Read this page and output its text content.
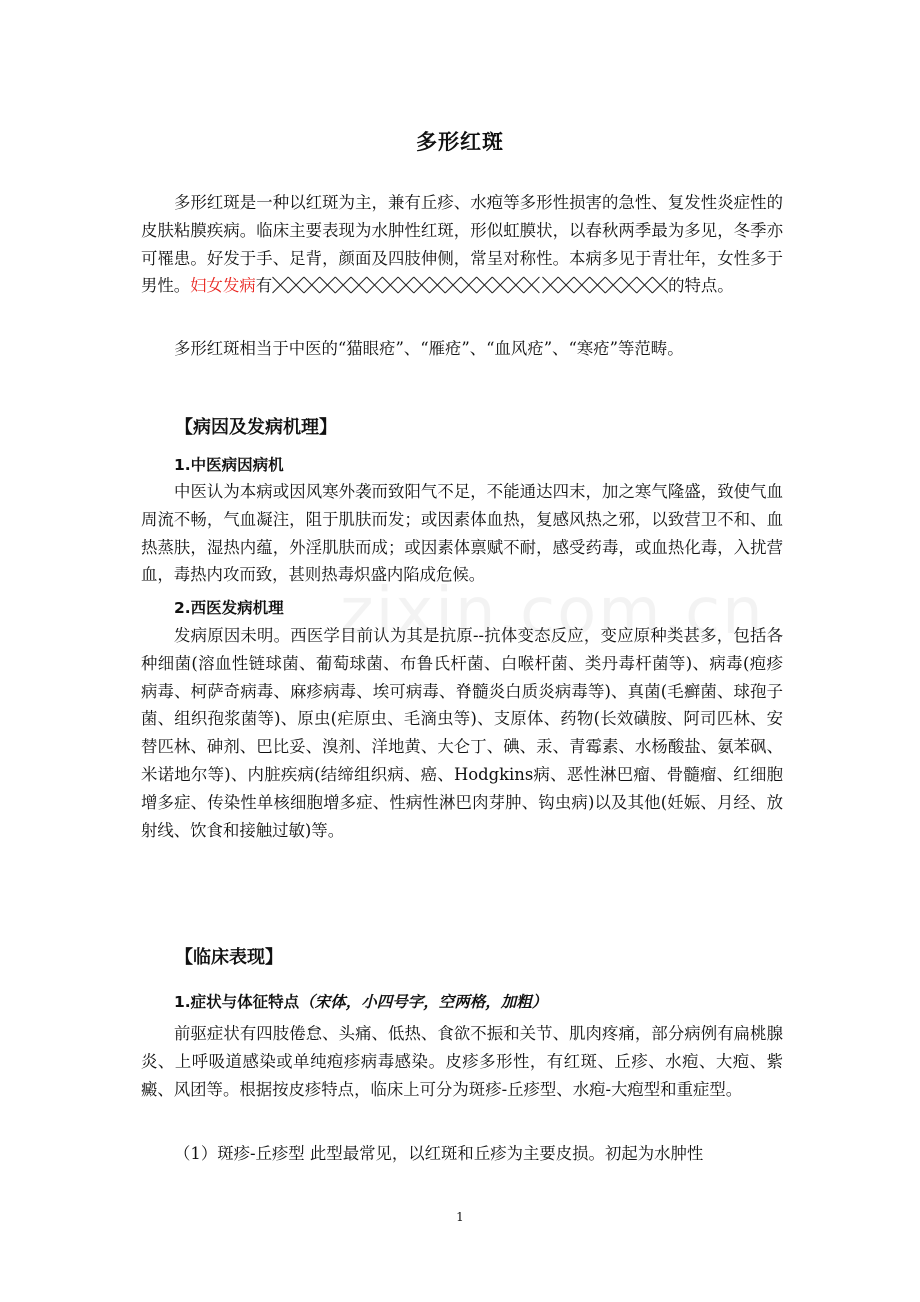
多形红斑
多形红斑是一种以红斑为主，兼有丘疹、水疱等多形性损害的急性、复发性炎症性的皮肤粘膜疾病。临床主要表现为水肿性红斑，形似虹膜状，以春秋两季最为多见，冬季亦可罹患。好发于手、足背，颜面及四肢伸侧，常呈对称性。本病多见于青壮年，女性多于男性。妇女发病有	的特点。
多形红斑相当于中医的“猫眼疮”、“雁疮”、“血风疮”、“寒疮”等范畴。
【病因及发病机理】
1.中医病因病机
中医认为本病或因风寒外袭而致阳气不足，不能通达四末，加之寒气隆盛，致使气血周流不畅，气血凝注，阻于肌肤而发；或因素体血热，复感风热之邪，以致营卫不和、血热蒸肤，湿热内蕴，外淫肌肤而成；或因素体禀赋不耐，感受药毒，或血热化毒，入扰营血，毒热内攻而致，甚则热毒炽盛内陷成危候。
2.西医发病机理
发病原因未明。西医学目前认为其是抗原--抗体变态反应，变应原种类甚多，包括各种细菌(溶血性链球菌、葡萄球菌、布鲁氏杆菌、白喉杆菌、类丹毒杆菌等)、病毒(疱疹病毒、柯萨奇病毒、麻疹病毒、埃可病毒、脊髓炎白质炎病毒等)、真菌(毛癣菌、球孢子菌、组织孢浆菌等)、原虫(疟原虫、毛滴虫等)、支原体、药物(长效磺胺、阿司匹林、安替匹林、砷剂、巴比妥、溴剂、洋地黄、大仑丁、碘、汞、青霉素、水杨酸盐、氨苯砜、米诺地尔等)、内脏疾病(结缔组织病、癌、Hodgkins病、恶性淋巴瘤、骨髓瘤、红细胞增多症、传染性单核细胞增多症、性病性淋巴肉芽肿、钩虫病)以及其他(妊娠、月经、放射线、饮食和接触过敏)等。
【临床表现】
1.症状与体征特点（宋体，小四号字，空两格，加粗）
前驱症状有四肢倦怠、头痛、低热、食欲不振和关节、肌肉疼痛，部分病例有扁桃腺炎、上呼吸道感染或单纯疱疹病毒感染。皮疹多形性，有红斑、丘疹、水疱、大疱、紫癜、风团等。根据按皮疹特点，临床上可分为斑疹-丘疹型、水疱-大疱型和重症型。
（1）斑疹-丘疹型 此型最常见，以红斑和丘疹为主要皮损。初起为水肿性
1
